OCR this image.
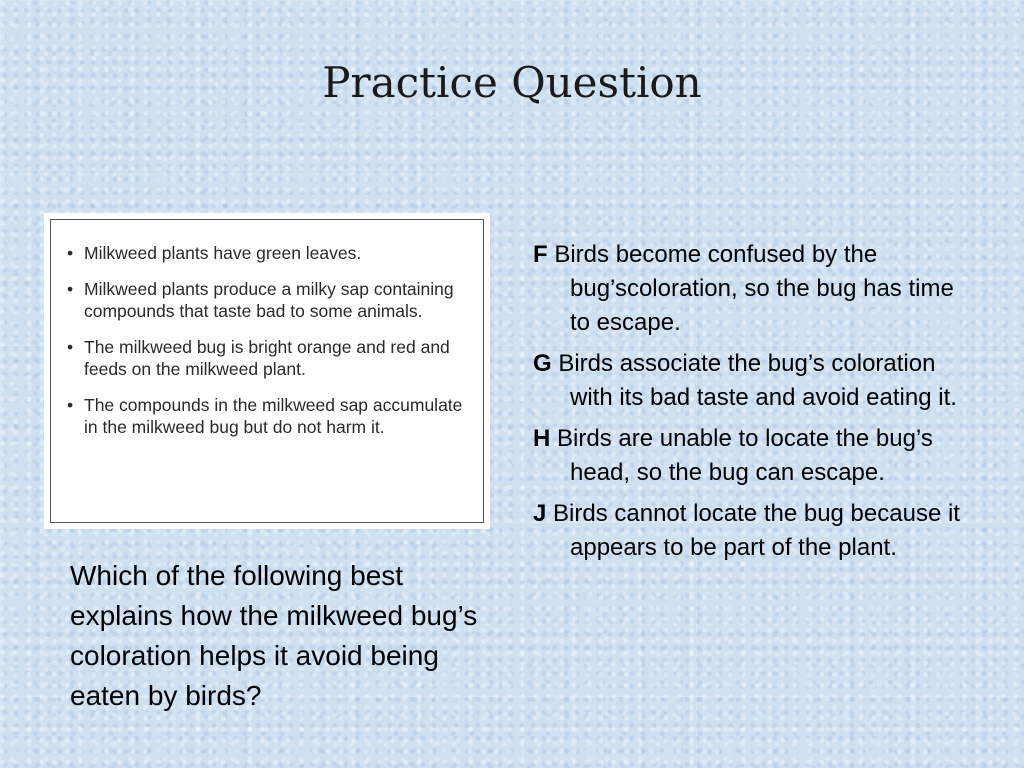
Practice Question
• Milkweed plants have green leaves.
• Milkweed plants produce a milky sap containing compounds that taste bad to some animals.
• The milkweed bug is bright orange and red and feeds on the milkweed plant.
• The compounds in the milkweed sap accumulate in the milkweed bug but do not harm it.

Which of the following best explains how the milkweed bug’s coloration helps it avoid being eaten by birds?

F Birds become confused by the bug’scoloration, so the bug has time to escape.
G Birds associate the bug’s coloration with its bad taste and avoid eating it.
H Birds are unable to locate the bug’s head, so the bug can escape.
J Birds cannot locate the bug because it appears to be part of the plant.
